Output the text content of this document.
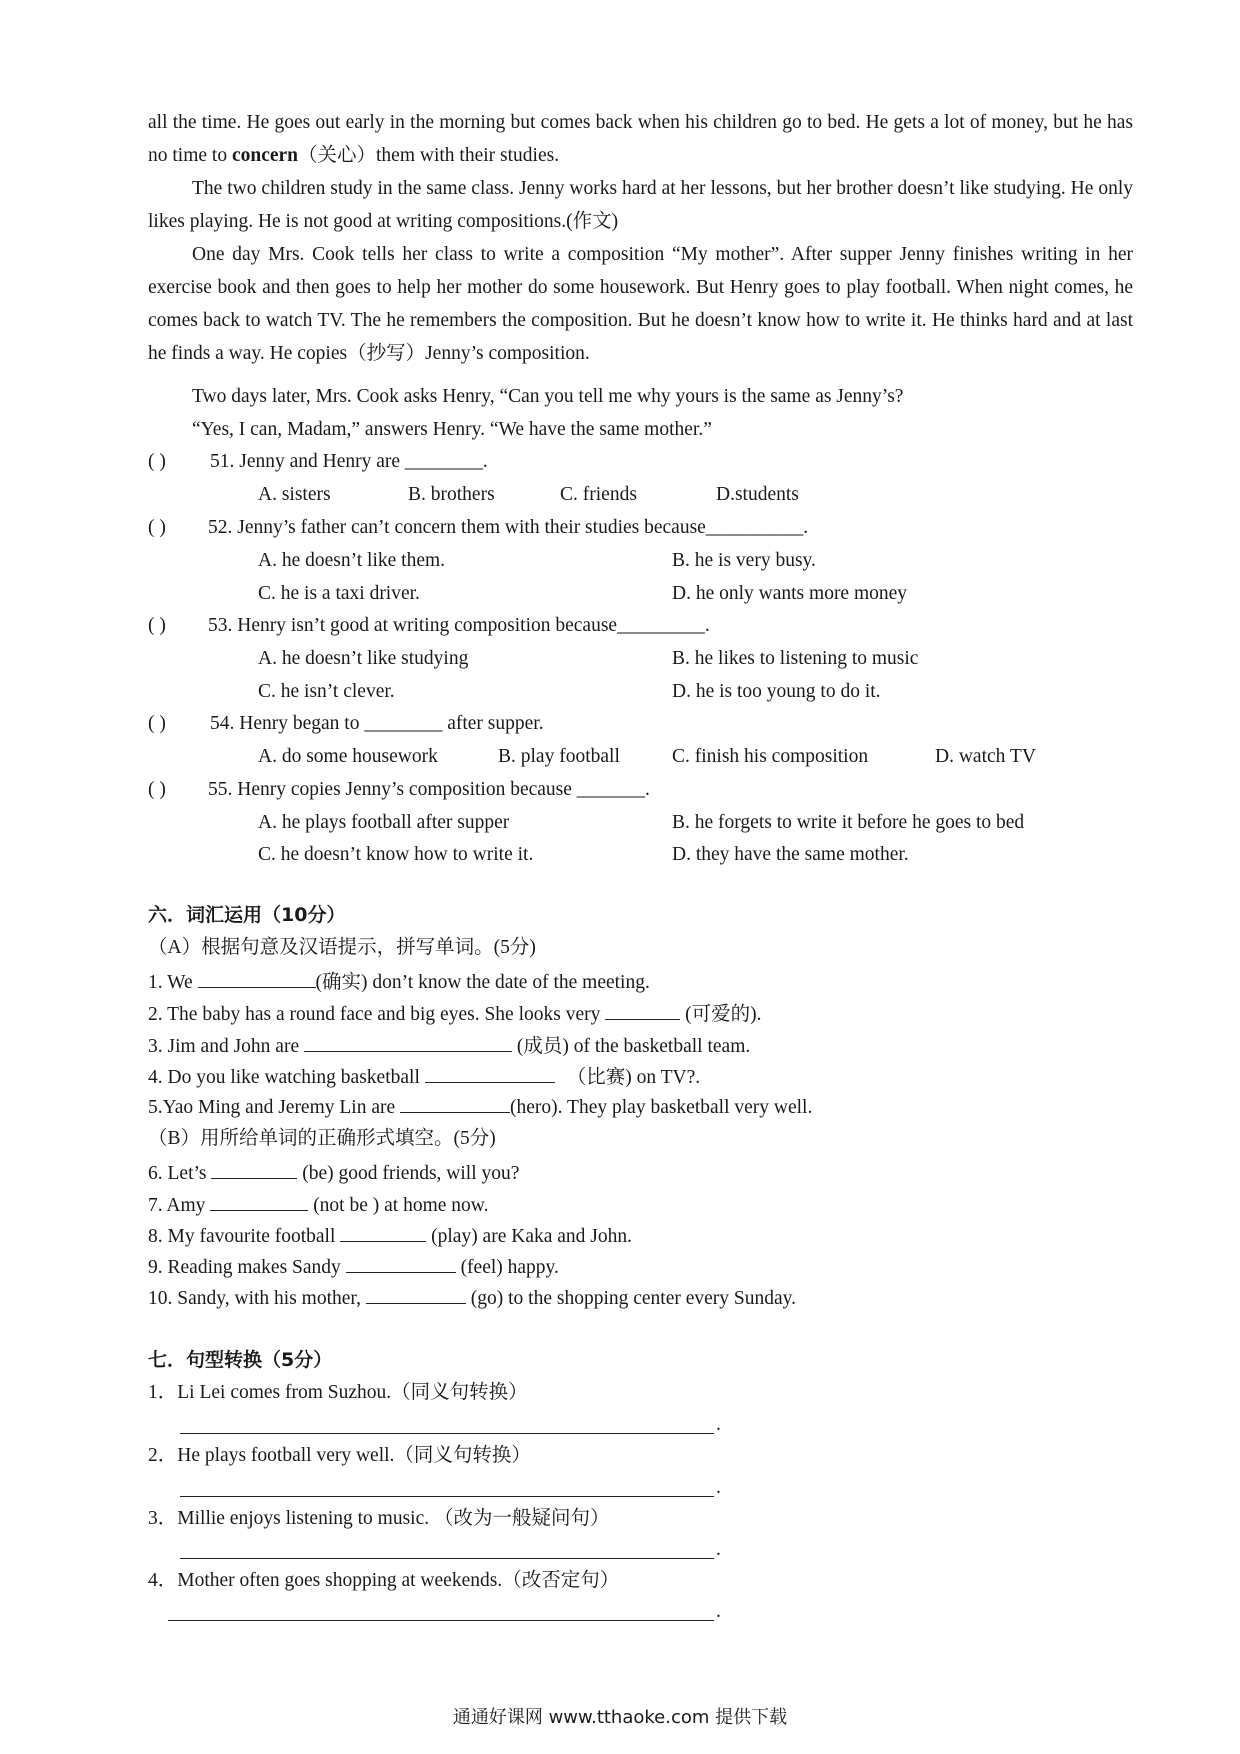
all the time. He goes out early in the morning but comes back when his children go to bed. He gets a lot of money, but he has no time to concern（关心）them with their studies.
The two children study in the same class. Jenny works hard at her lessons, but her brother doesn’t like studying. He only likes playing. He is not good at writing compositions.(作文)
One day Mrs. Cook tells her class to write a composition “My mother”. After supper Jenny finishes writing in her exercise book and then goes to help her mother do some housework. But Henry goes to play football. When night comes, he comes back to watch TV. The he remembers the composition. But he doesn’t know how to write it. He thinks hard and at last he finds a way. He copies（抄写）Jenny’s composition.
Two days later, Mrs. Cook asks Henry, “Can you tell me why yours is the same as Jenny’s?
“Yes, I can, Madam,” answers Henry. “We have the same mother.”
( ) 51. Jenny and Henry are ________.
A. sisters	B. brothers	C. friends	D.students
( ) 52. Jenny’s father can’t concern them with their studies because__________.
A. he doesn’t like them.	B. he is very busy.
C. he is a taxi driver.	D. he only wants more money
( ) 53. Henry isn’t good at writing composition because_________.
A. he doesn’t like studying	B. he likes to listening to music
C. he isn’t clever.	D. he is too young to do it.
( ) 54. Henry began to ________ after supper.
A. do some housework	B. play football	C. finish his composition	D. watch TV
( ) 55. Henry copies Jenny’s composition because _______.
A. he plays football after supper	B. he forgets to write it before he goes to bed
C. he doesn’t know how to write it.	D. they have the same mother.
六．词汇运用（10分）
（A）根据句意及汉语提示，拼写单词。(5分)
1. We	(确实) don’t know the date of the meeting.
2. The baby has a round face and big eyes. She looks very	(可爱的).
3. Jim and John are	(成员) of the basketball team.
4. Do you like watching basketball	（比赛) on TV?.
5.Yao Ming and Jeremy Lin are	(hero). They play basketball very well.
（B）用所给单词的正确形式填空。(5分)
6. Let’s	(be) good friends, will you?
7. Amy	(not be ) at home now.
8. My favourite football	(play) are Kaka and John.
9. Reading makes Sandy	(feel) happy.
10. Sandy, with his mother,	(go) to the shopping center every Sunday.
七．句型转换（5分）
1．Li Lei comes from Suzhou.（同义句转换）
.
2．He plays football very well.（同义句转换）
.
3．Millie enjoys listening to music. （改为一般疑问句）
.
4．Mother often goes shopping at weekends.（改否定句）
.
通通好课网 www.tthaoke.com 提供下载
